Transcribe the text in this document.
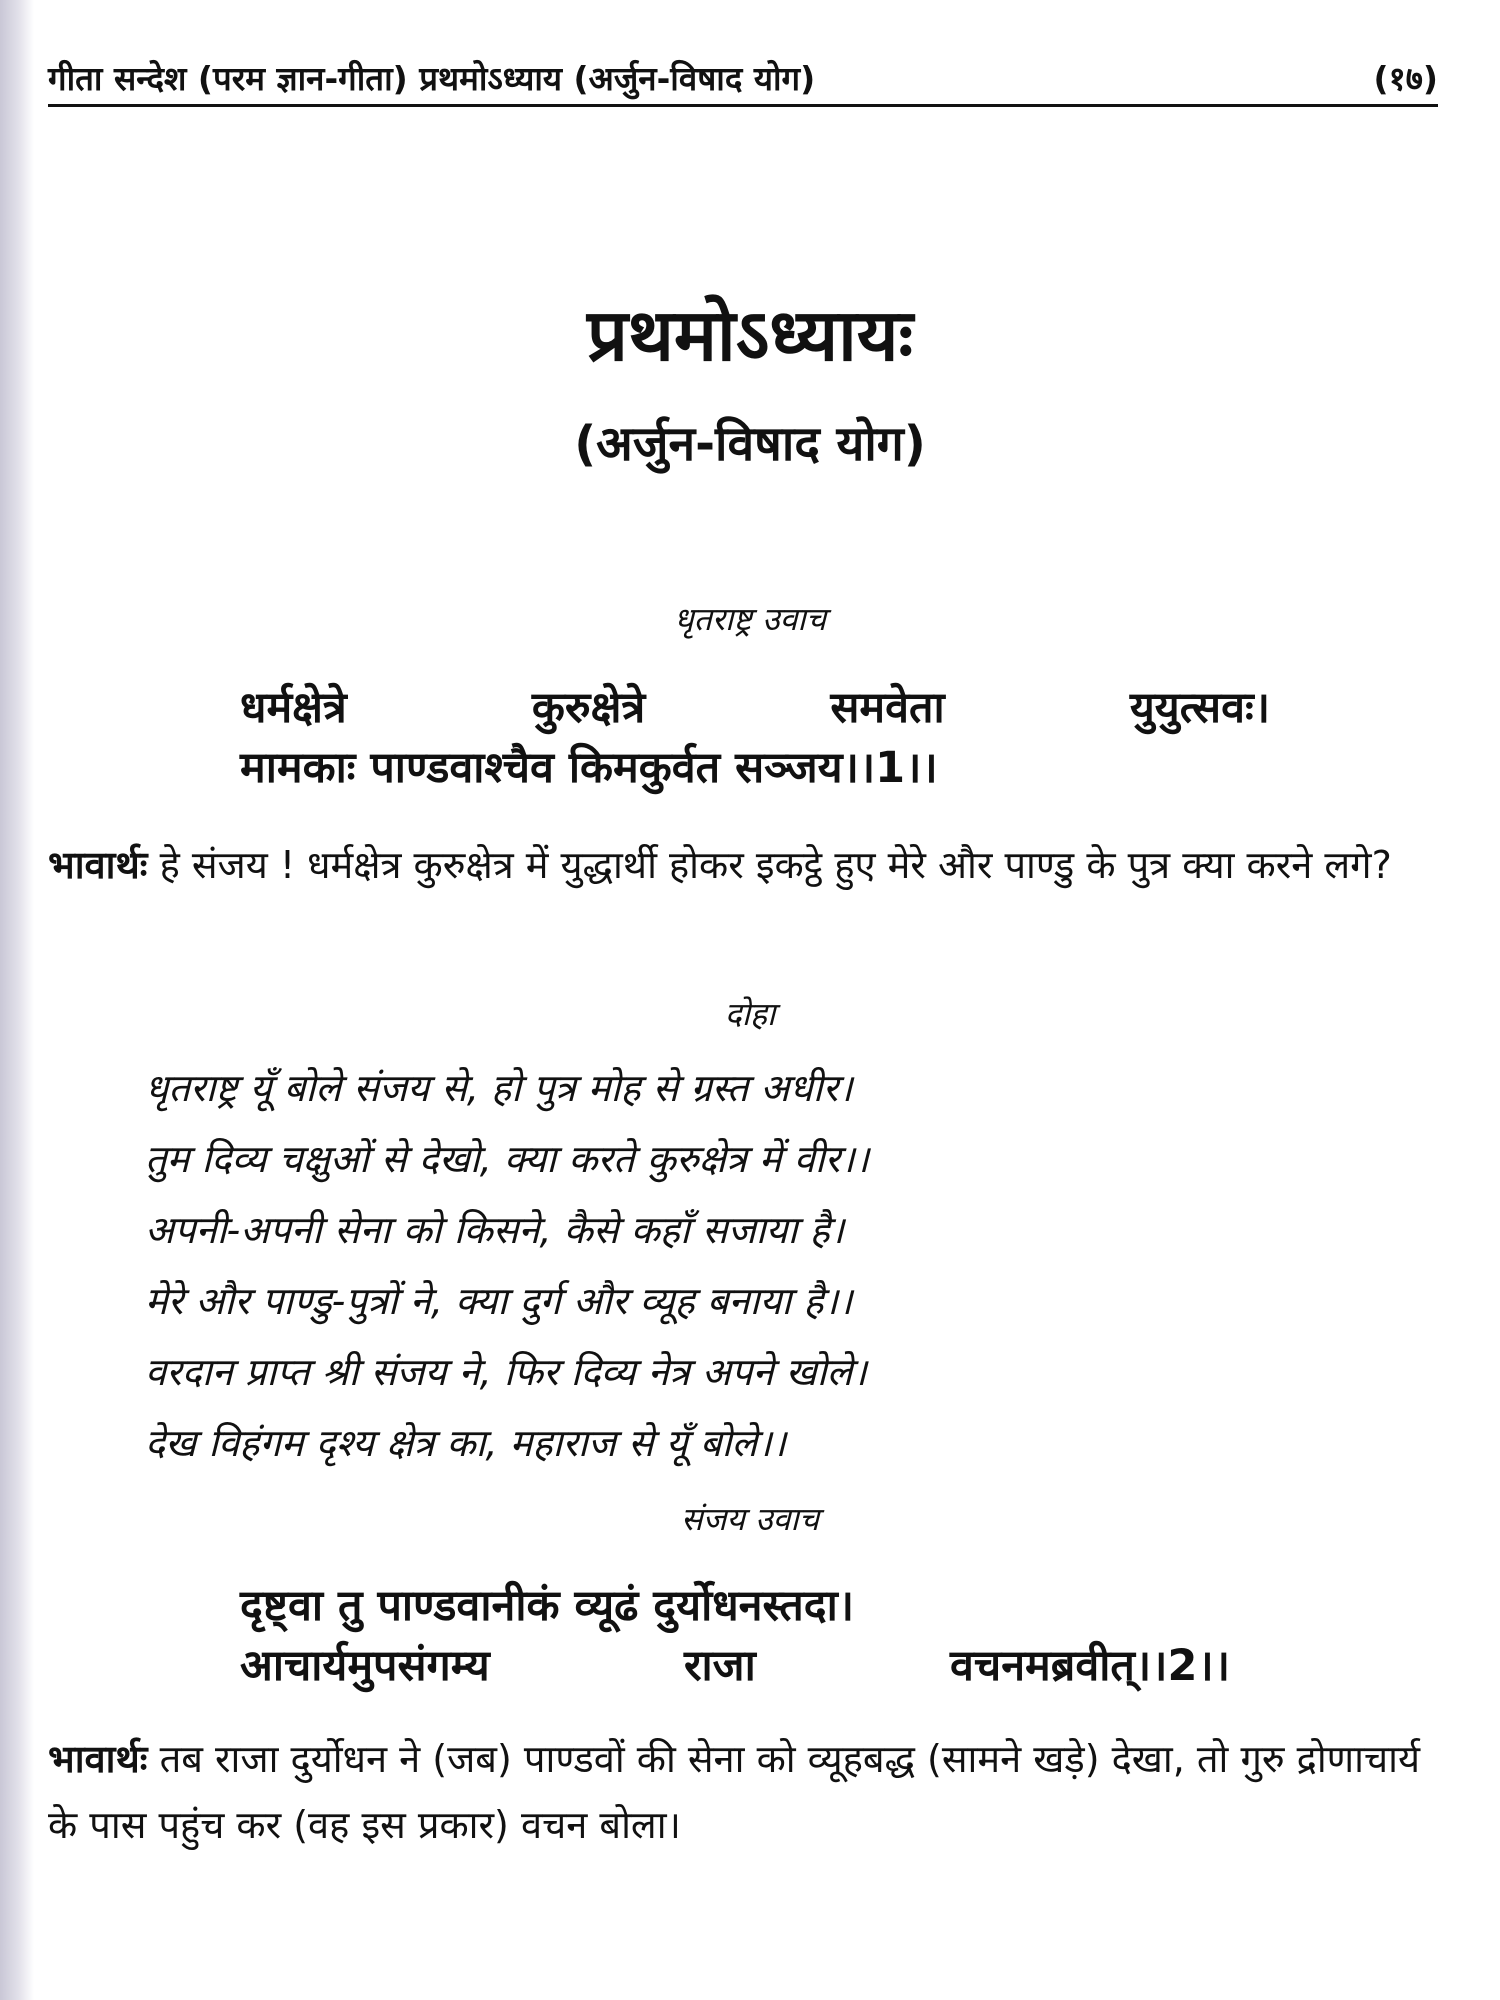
गीता सन्देश (परम ज्ञान-गीता) प्रथमोऽध्याय (अर्जुन-विषाद योग)	(१७)
प्रथमोऽध्यायः
(अर्जुन-विषाद योग)
धृतराष्ट्र उवाच
धर्मक्षेत्रे	कुरुक्षेत्रे	समवेता	युयुत्सवः।
मामकाः पाण्डवाश्चैव किमकुर्वत सञ्जय।।1।।
भावार्थः हे संजय ! धर्मक्षेत्र कुरुक्षेत्र में युद्धार्थी होकर इकट्ठे हुए मेरे और पाण्डु के पुत्र क्या करने लगे?
दोहा
धृतराष्ट्र यूँ बोले संजय से, हो पुत्र मोह से ग्रस्त अधीर।
तुम दिव्य चक्षुओं से देखो, क्या करते कुरुक्षेत्र में वीर।।
अपनी-अपनी सेना को किसने, कैसे कहाँ सजाया है।
मेरे और पाण्डु-पुत्रों ने, क्या दुर्ग और व्यूह बनाया है।।
वरदान प्राप्त श्री संजय ने, फिर दिव्य नेत्र अपने खोले।
देख विहंगम दृश्य क्षेत्र का, महाराज से यूँ बोले।।
संजय उवाच
दृष्ट्वा तु पाण्डवानीकं व्यूढं दुर्योधनस्तदा।
आचार्यमुपसंगम्य	राजा	वचनमब्रवीत्।।2।।
भावार्थः तब राजा दुर्योधन ने (जब) पाण्डवों की सेना को व्यूहबद्ध (सामने खड़े) देखा, तो गुरु द्रोणाचार्य के पास पहुंच कर (वह इस प्रकार) वचन बोला।
